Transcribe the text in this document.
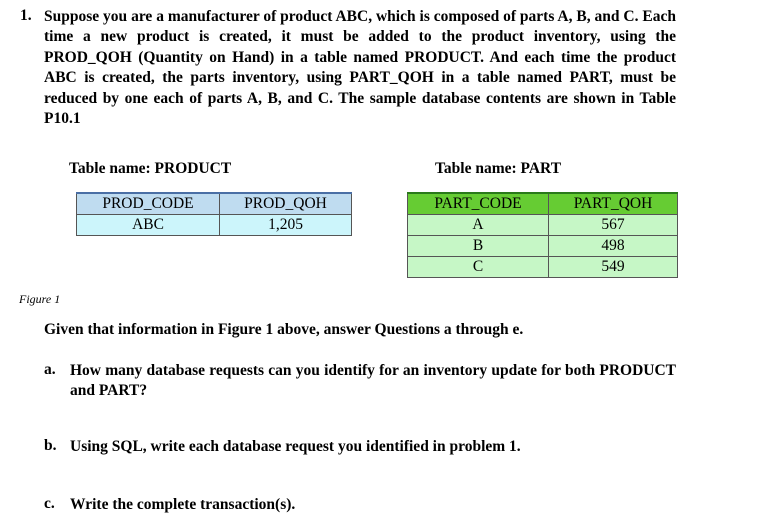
1. Suppose you are a manufacturer of product ABC, which is composed of parts A, B, and C. Each time a new product is created, it must be added to the product inventory, using the PROD_QOH (Quantity on Hand) in a table named PRODUCT. And each time the product ABC is created, the parts inventory, using PART_QOH in a table named PART, must be reduced by one each of parts A, B, and C. The sample database contents are shown in Table P10.1
Table name: PRODUCT	Table name: PART
PROD_CODE	PROD_QOH
ABC	1,205
PART_CODE	PART_QOH
A	567
B	498
C	549
Figure 1
Given that information in Figure 1 above, answer Questions a through e.
a. How many database requests can you identify for an inventory update for both PRODUCT and PART?
b. Using SQL, write each database request you identified in problem 1.
c. Write the complete transaction(s).
